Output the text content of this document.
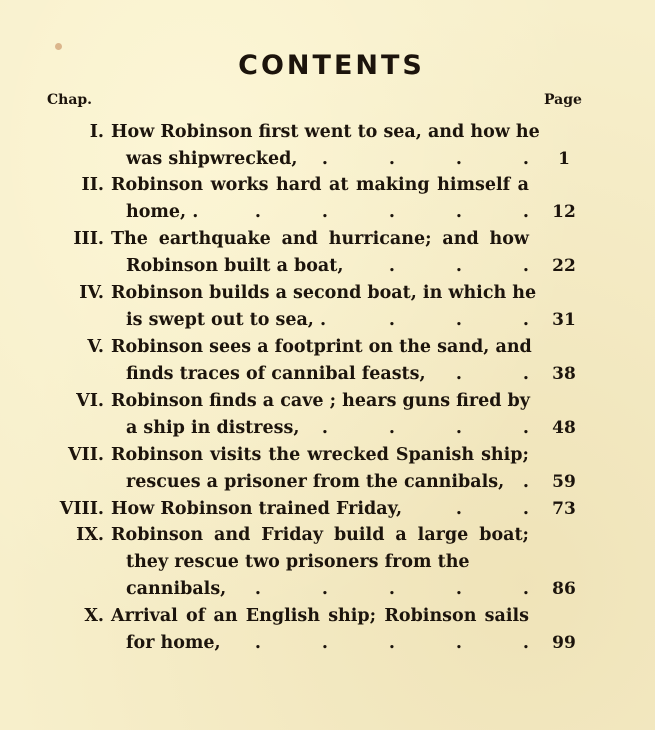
CONTENTS
Chap.	Page
I. How Robinson first went to sea, and how he
was shipwrecked,	.          .          .          .	1
II. Robinson works hard at making himself a
home, .	.          .          .          .          .	12
III. The earthquake and hurricane; and how
Robinson built a boat,	.          .          .	22
IV. Robinson builds a second boat, in which he
is swept out to sea, .	.          .          .	31
V. Robinson sees a footprint on the sand, and
finds traces of cannibal feasts,	.          .	38
VI. Robinson finds a cave ; hears guns fired by
a ship in distress,	.          .          .          .	48
VII. Robinson visits the wrecked Spanish ship;
rescues a prisoner from the cannibals,	.	59
VIII. How Robinson trained Friday,	.          .	73
IX. Robinson and Friday build a large boat;
they rescue two prisoners from the
cannibals,	.          .          .          .          .	86
X. Arrival of an English ship; Robinson sails
for home,	.          .          .          .          .	99
